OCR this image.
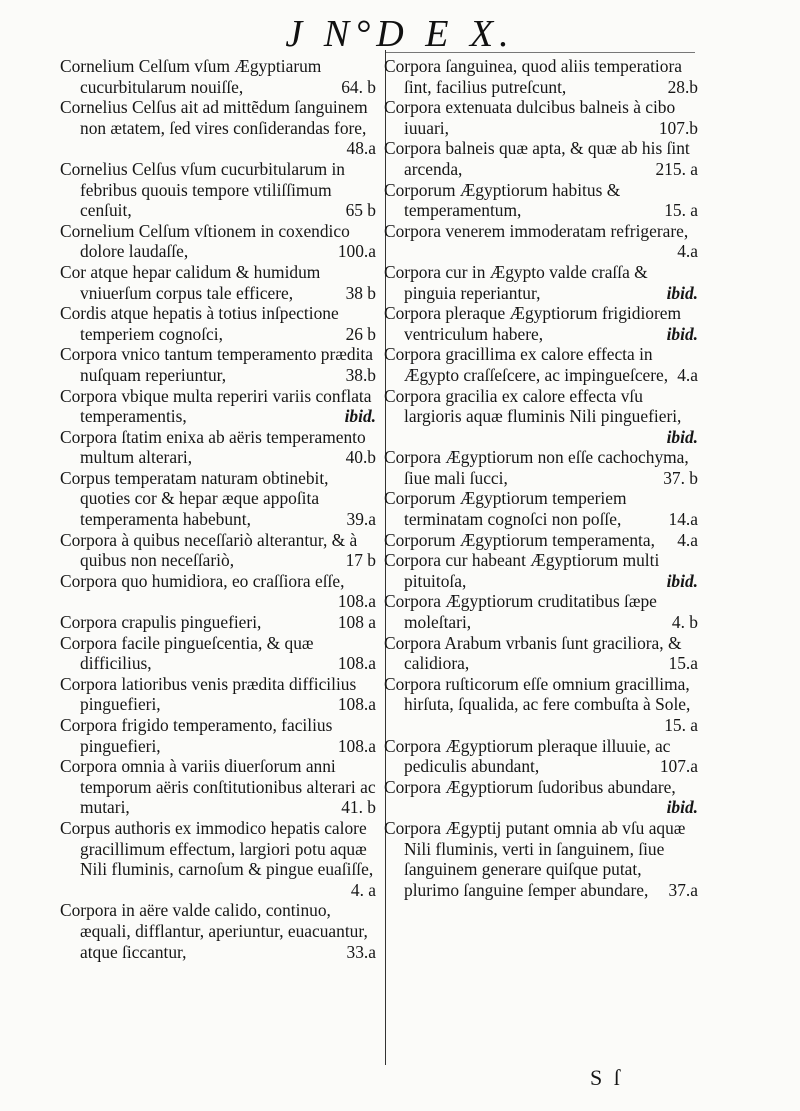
J N°D E X.

Cornelium Celſum vſum Ægyptiarum cucurbitularum nouiſſe,	64. b

Cornelius Celſus ait ad mittẽdum ſanguinem non ætatem, ſed vires conſiderandas fore,
48.a

Cornelius Celſus vſum cucurbitularum in febribus quouis tempore vtiliſſimum cenſuit,	65 b

Cornelium Celſum vſtionem in coxendico dolore laudaſſe,	100.a

Cor atque hepar calidum & humidum vniuerſum corpus tale efficere,	38 b

Cordis atque hepatis à totius inſpectione temperiem cognoſci,	26 b

Corpora vnico tantum temperamento prædita nuſquam reperiuntur,	38.b

Corpora vbique multa reperiri variis conflata temperamentis,	ibid.

Corpora ſtatim enixa ab aëris temperamento multum alterari,	40.b

Corpus temperatam naturam obtinebit, quoties cor & hepar æque appoſita temperamenta habebunt,	39.a

Corpora à quibus neceſſariò alterantur, & à quibus non neceſſariò,	17 b

Corpora quo humidiora, eo craſſiora eſſe,
108.a

Corpora crapulis pinguefieri,	108 a

Corpora facile pingueſcentia, & quæ difficilius,	108.a

Corpora latioribus venis prædita difficilius pinguefieri,	108.a

Corpora frigido temperamento, facilius pinguefieri,	108.a

Corpora omnia à variis diuerſorum anni temporum aëris conſtitutionibus alterari ac mutari,	41. b

Corpus authoris ex immodico hepatis calore gracillimum effectum, largiori potu aquæ Nili fluminis, carnoſum & pingue euaſiſſe,
4. a

Corpora in aëre valde calido, continuo, æquali, difflantur, aperiuntur, euacuantur, atque ſiccantur,	33.a

Corpora ſanguinea, quod aliis temperatiora ſint, facilius putreſcunt,	28.b

Corpora extenuata dulcibus balneis à cibo iuuari,	107.b

Corpora balneis quæ apta, & quæ ab his ſint arcenda,	215. a

Corporum Ægyptiorum habitus & temperamentum,	15. a

Corpora venerem immoderatam refrigerare,
4.a

Corpora cur in Ægypto valde craſſa & pinguia reperiantur,	ibid.

Corpora pleraque Ægyptiorum frigidiorem ventriculum habere,	ibid.

Corpora gracillima ex calore effecta in Ægypto craſſeſcere, ac impingueſcere, 4.a

Corpora gracilia ex calore effecta vſu largioris aquæ fluminis Nili pinguefieri,
ibid.

Corpora Ægyptiorum non eſſe cachochyma, ſiue mali ſucci,	37. b

Corporum Ægyptiorum temperiem terminatam cognoſci non poſſe,	14.a

Corporum Ægyptiorum temperamenta,	4.a

Corpora cur habeant Ægyptiorum multi pituitoſa,	ibid.

Corpora Ægyptiorum cruditatibus ſæpe moleſtari,	4. b

Corpora Arabum vrbanis ſunt graciliora, & calidiora,	15.a

Corpora ruſticorum eſſe omnium gracillima, hirſuta, ſqualida, ac fere combuſta à Sole,
15. a

Corpora Ægyptiorum pleraque illuuie, ac pediculis abundant,	107.a

Corpora Ægyptiorum ſudoribus abundare,
ibid.

Corpora Ægyptij putant omnia ab vſu aquæ Nili fluminis, verti in ſanguinem, ſiue ſanguinem generare quiſque putat, plurimo ſanguine ſemper abundare,	37.a

S ſ
